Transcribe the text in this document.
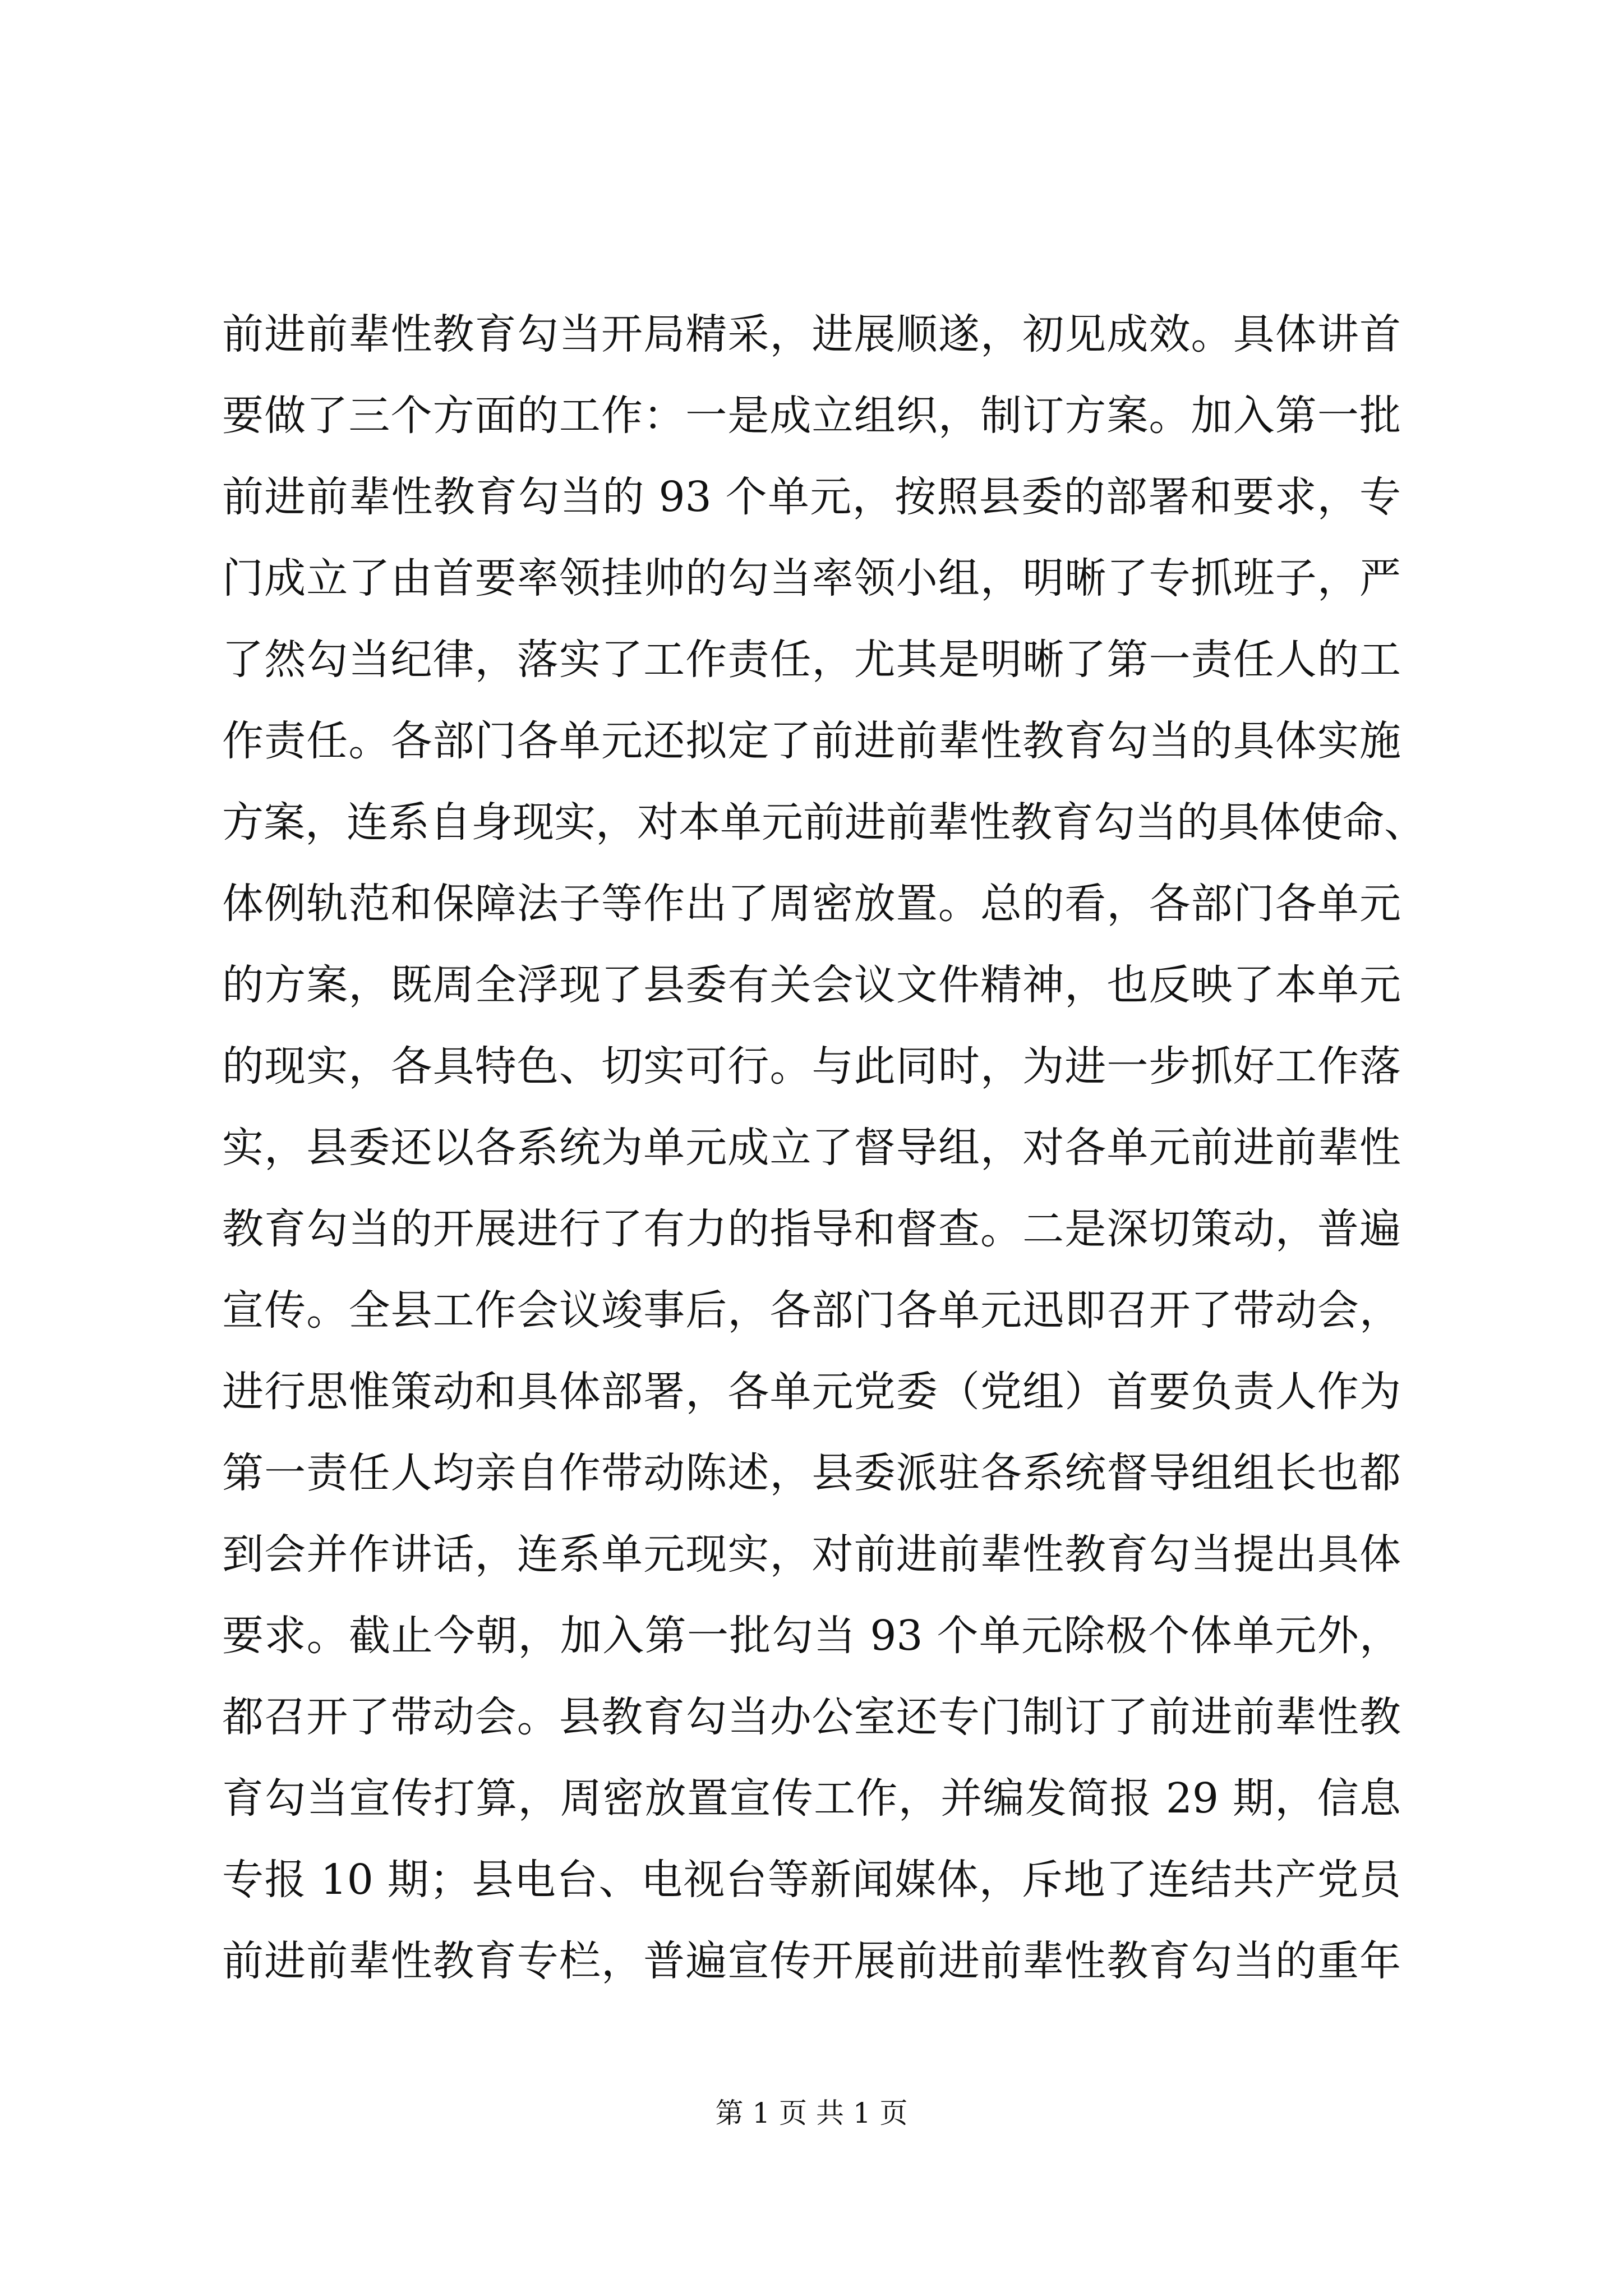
前进前辈性教育勾当开局精采，进展顺遂，初见成效。具体讲首
要做了三个方面的工作：一是成立组织，制订方案。加入第一批
前进前辈性教育勾当的 93 个单元，按照县委的部署和要求，专
门成立了由首要率领挂帅的勾当率领小组，明晰了专抓班子，严
了然勾当纪律，落实了工作责任，尤其是明晰了第一责任人的工
作责任。各部门各单元还拟定了前进前辈性教育勾当的具体实施
方案，连系自身现实，对本单元前进前辈性教育勾当的具体使命、
体例轨范和保障法子等作出了周密放置。总的看，各部门各单元
的方案，既周全浮现了县委有关会议文件精神，也反映了本单元
的现实，各具特色、切实可行。与此同时，为进一步抓好工作落
实，县委还以各系统为单元成立了督导组，对各单元前进前辈性
教育勾当的开展进行了有力的指导和督查。二是深切策动，普遍
宣传。全县工作会议竣事后，各部门各单元迅即召开了带动会，
进行思惟策动和具体部署，各单元党委（党组）首要负责人作为
第一责任人均亲自作带动陈述，县委派驻各系统督导组组长也都
到会并作讲话，连系单元现实，对前进前辈性教育勾当提出具体
要求。截止今朝，加入第一批勾当 93 个单元除极个体单元外，
都召开了带动会。县教育勾当办公室还专门制订了前进前辈性教
育勾当宣传打算，周密放置宣传工作，并编发简报 29 期，信息
专报 10 期；县电台、电视台等新闻媒体，斥地了连结共产党员
前进前辈性教育专栏，普遍宣传开展前进前辈性教育勾当的重年
第 1 页 共 1 页
